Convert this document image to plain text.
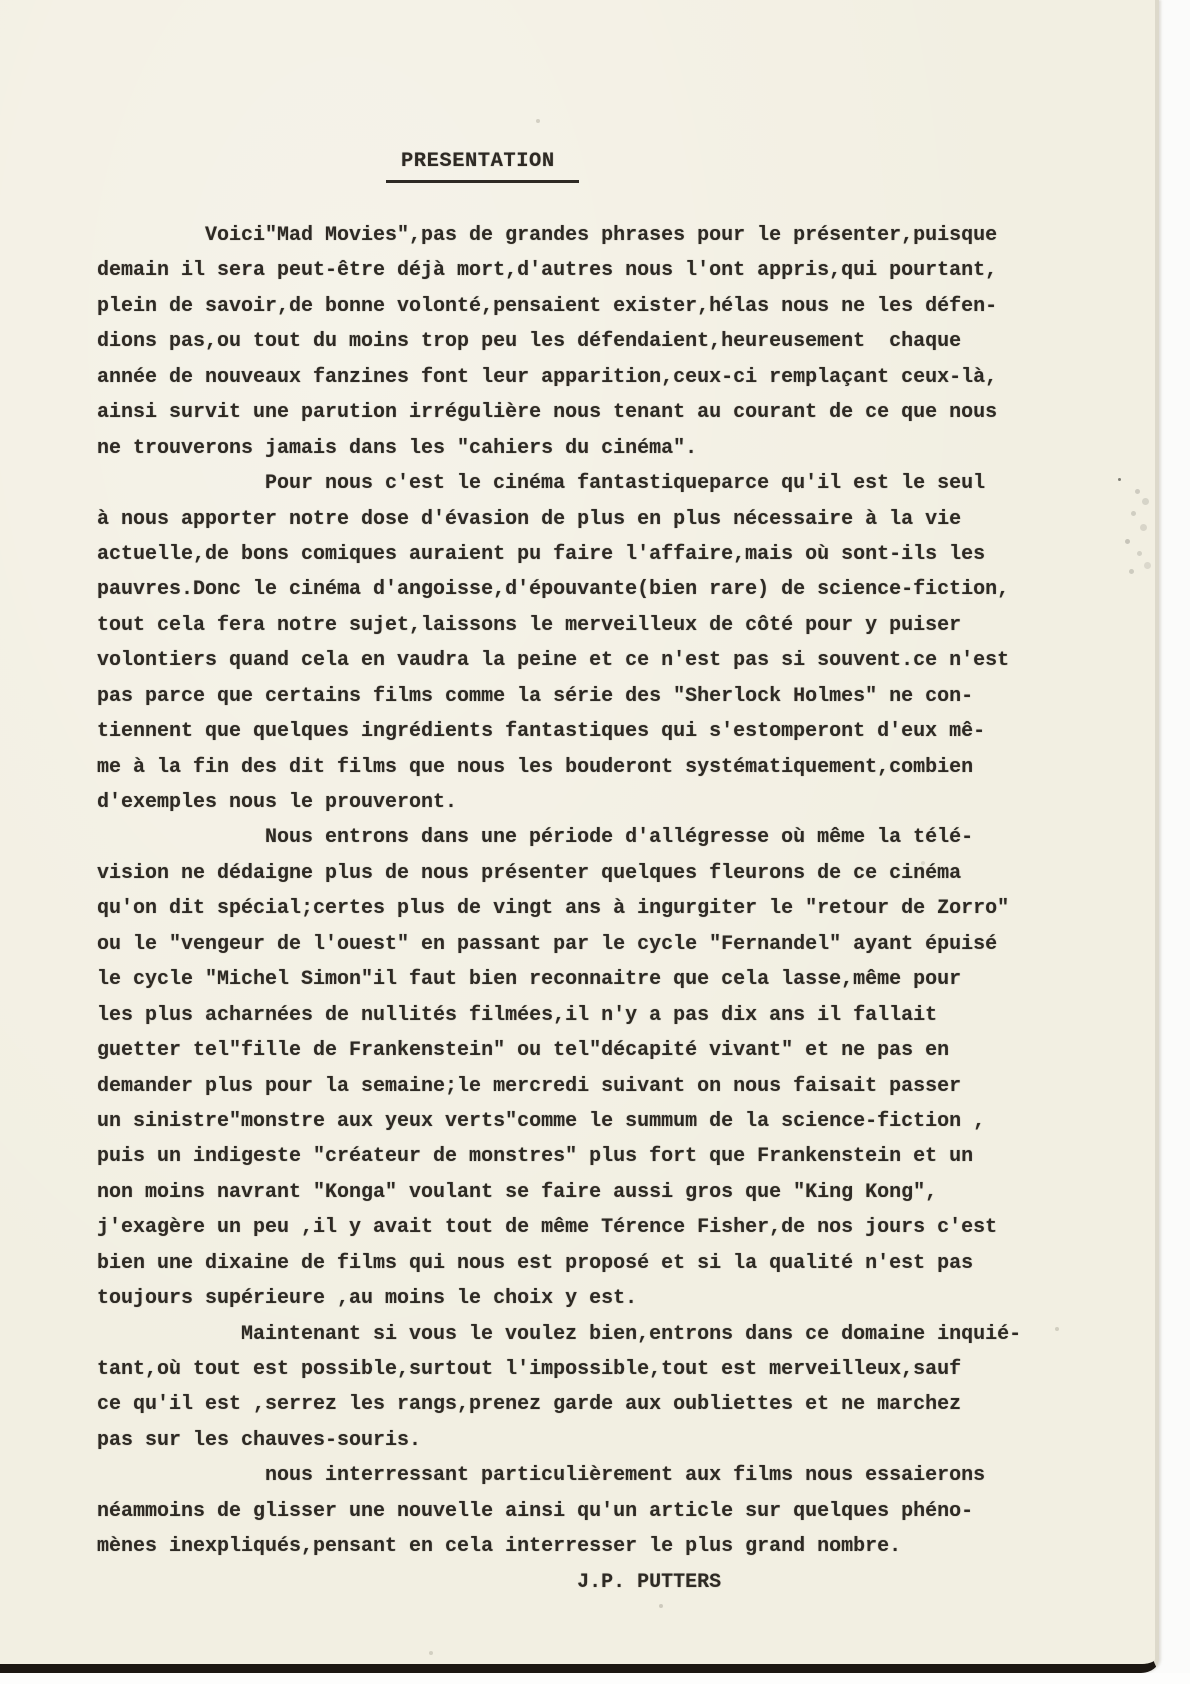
PRESENTATION
Voici"Mad Movies",pas de grandes phrases pour le présenter,puisque
demain il sera peut-être déjà mort,d'autres nous l'ont appris,qui pourtant,
plein de savoir,de bonne volonté,pensaient exister,hélas nous ne les défen-
dions pas,ou tout du moins trop peu les défendaient,heureusement  chaque
année de nouveaux fanzines font leur apparition,ceux-ci remplaçant ceux-là,
ainsi survit une parution irrégulière nous tenant au courant de ce que nous
ne trouverons jamais dans les "cahiers du cinéma".
Pour nous c'est le cinéma fantastiqueparce qu'il est le seul
à nous apporter notre dose d'évasion de plus en plus nécessaire à la vie
actuelle,de bons comiques auraient pu faire l'affaire,mais où sont-ils les
pauvres.Donc le cinéma d'angoisse,d'épouvante(bien rare) de science-fiction,
tout cela fera notre sujet,laissons le merveilleux de côté pour y puiser
volontiers quand cela en vaudra la peine et ce n'est pas si souvent.ce n'est
pas parce que certains films comme la série des "Sherlock Holmes" ne con-
tiennent que quelques ingrédients fantastiques qui s'estomperont d'eux mê-
me à la fin des dit films que nous les bouderont systématiquement,combien
d'exemples nous le prouveront.
Nous entrons dans une période d'allégresse où même la télé-
vision ne dédaigne plus de nous présenter quelques fleurons de ce cinéma
qu'on dit spécial;certes plus de vingt ans à ingurgiter le "retour de Zorro"
ou le "vengeur de l'ouest" en passant par le cycle "Fernandel" ayant épuisé
le cycle "Michel Simon"il faut bien reconnaitre que cela lasse,même pour
les plus acharnées de nullités filmées,il n'y a pas dix ans il fallait
guetter tel"fille de Frankenstein" ou tel"décapité vivant" et ne pas en
demander plus pour la semaine;le mercredi suivant on nous faisait passer
un sinistre"monstre aux yeux verts"comme le summum de la science-fiction ,
puis un indigeste "créateur de monstres" plus fort que Frankenstein et un
non moins navrant "Konga" voulant se faire aussi gros que "King Kong",
j'exagère un peu ,il y avait tout de même Térence Fisher,de nos jours c'est
bien une dixaine de films qui nous est proposé et si la qualité n'est pas
toujours supérieure ,au moins le choix y est.
Maintenant si vous le voulez bien,entrons dans ce domaine inquié-
tant,où tout est possible,surtout l'impossible,tout est merveilleux,sauf
ce qu'il est ,serrez les rangs,prenez garde aux oubliettes et ne marchez
pas sur les chauves-souris.
nous interressant particulièrement aux films nous essaierons
néammoins de glisser une nouvelle ainsi qu'un article sur quelques phéno-
mènes inexpliqués,pensant en cela interresser le plus grand nombre.
J.P. PUTTERS
